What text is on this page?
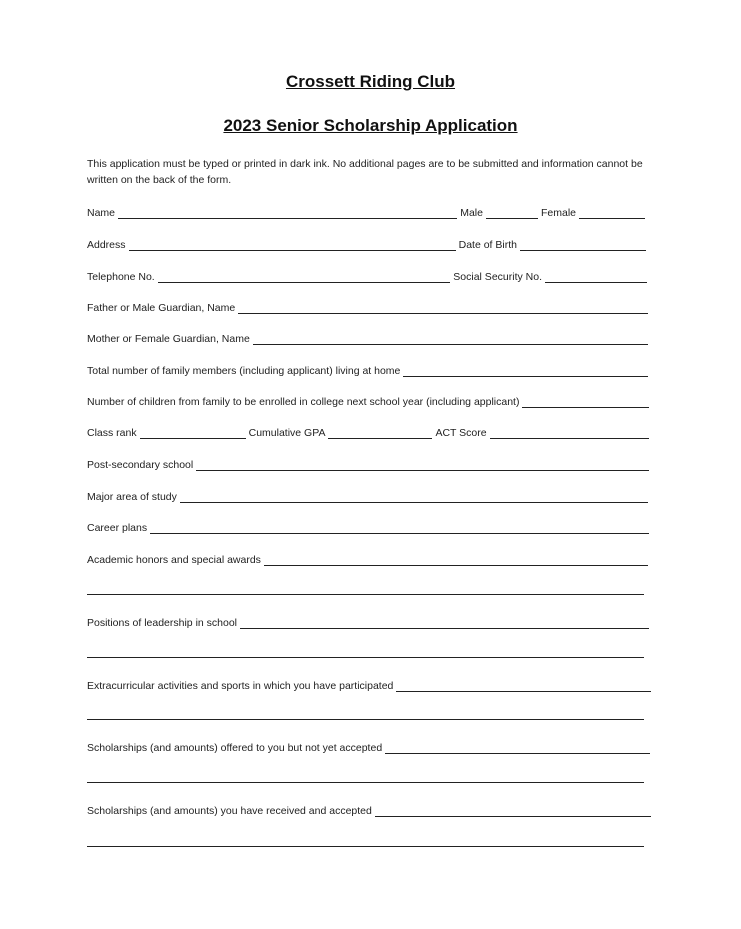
Crossett Riding Club
2023 Senior Scholarship Application
This application must be typed or printed in dark ink. No additional pages are to be submitted and information cannot be written on the back of the form.
Name	Male	Female
Address	Date of Birth
Telephone No.	Social Security No.
Father or Male Guardian, Name
Mother or Female Guardian, Name
Total number of family members (including applicant) living at home
Number of children from family to be enrolled in college next school year (including applicant)
Class rank	Cumulative GPA	ACT Score
Post-secondary school
Major area of study
Career plans
Academic honors and special awards
Positions of leadership in school
Extracurricular activities and sports in which you have participated
Scholarships (and amounts) offered to you but not yet accepted
Scholarships (and amounts) you have received and accepted
